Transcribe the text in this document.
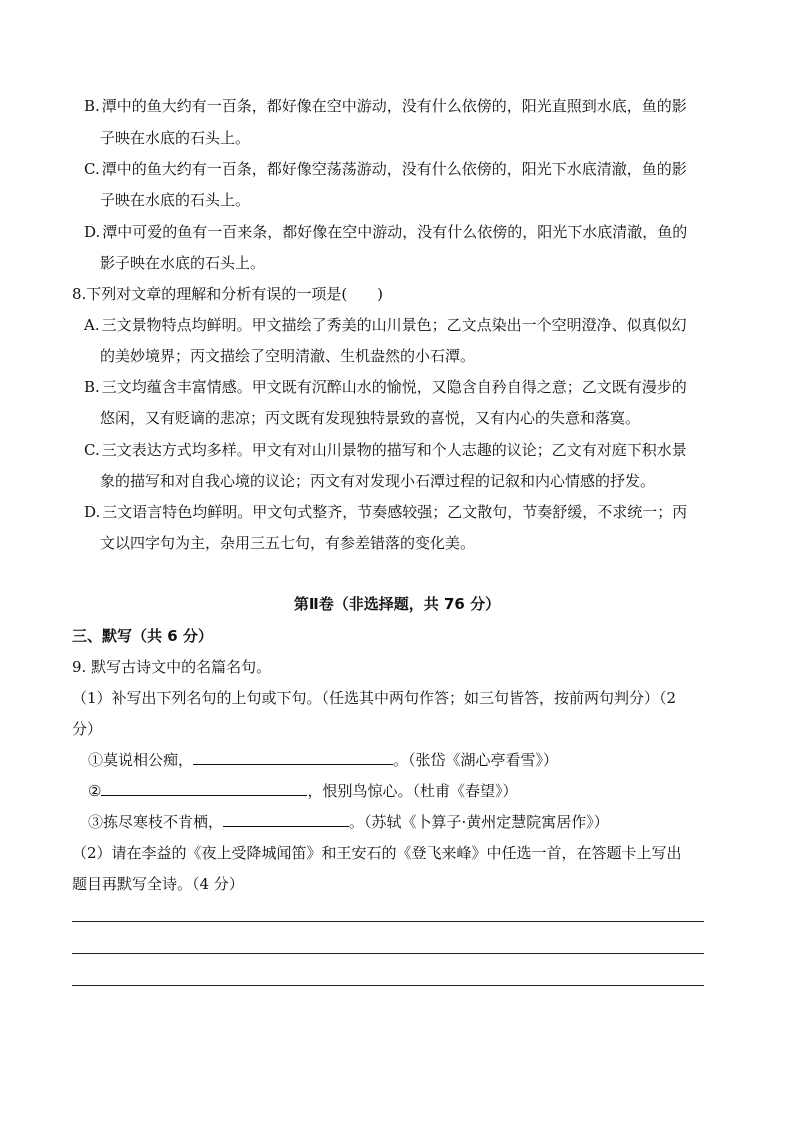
B. 潭中的鱼大约有一百条，都好像在空中游动，没有什么依傍的，阳光直照到水底，鱼的影
子映在水底的石头上。
C. 潭中的鱼大约有一百条，都好像空荡荡游动，没有什么依傍的，阳光下水底清澈，鱼的影
子映在水底的石头上。
D. 潭中可爱的鱼有一百来条，都好像在空中游动，没有什么依傍的，阳光下水底清澈，鱼的
影子映在水底的石头上。
8.下列对文章的理解和分析有误的一项是(　　)
A. 三文景物特点均鲜明。甲文描绘了秀美的山川景色；乙文点染出一个空明澄净、似真似幻
的美妙境界；丙文描绘了空明清澈、生机盎然的小石潭。
B. 三文均蕴含丰富情感。甲文既有沉醉山水的愉悦，又隐含自矜自得之意；乙文既有漫步的
悠闲，又有贬谪的悲凉；丙文既有发现独特景致的喜悦，又有内心的失意和落寞。
C. 三文表达方式均多样。甲文有对山川景物的描写和个人志趣的议论；乙文有对庭下积水景
象的描写和对自我心境的议论；丙文有对发现小石潭过程的记叙和内心情感的抒发。
D. 三文语言特色均鲜明。甲文句式整齐，节奏感较强；乙文散句，节奏舒缓，不求统一；丙
文以四字句为主，杂用三五七句，有参差错落的变化美。
第Ⅱ卷（非选择题，共 76 分）
三、默写（共 6 分）
9. 默写古诗文中的名篇名句。
（1）补写出下列名句的上句或下句。（任选其中两句作答；如三句皆答，按前两句判分）（2
分）
①莫说相公痴，	。（张岱《湖心亭看雪》）
②	，恨别鸟惊心。（杜甫《春望》）
③拣尽寒枝不肯栖，	。（苏轼《卜算子·黄州定慧院寓居作》）
（2）请在李益的《夜上受降城闻笛》和王安石的《登飞来峰》中任选一首，在答题卡上写出
题目再默写全诗。（4 分）
